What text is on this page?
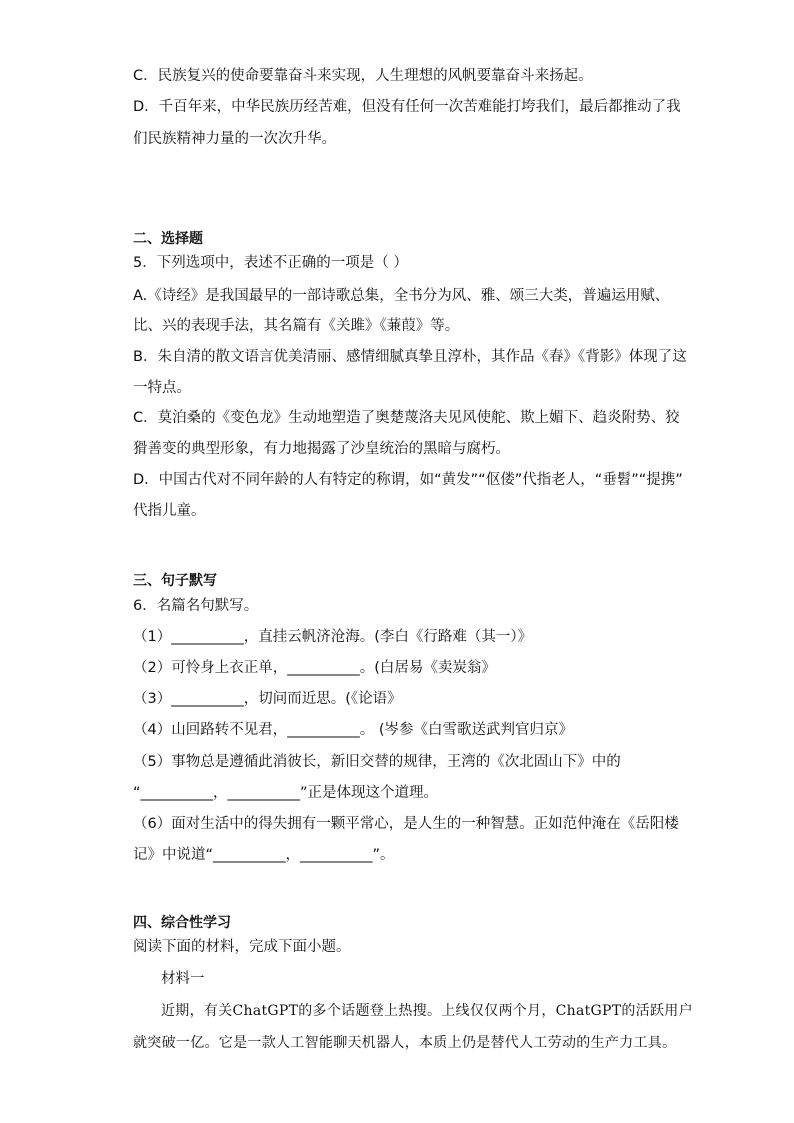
C．民族复兴的使命要靠奋斗来实现，人生理想的风帆要靠奋斗来扬起。
D．千百年来，中华民族历经苦难，但没有任何一次苦难能打垮我们，最后都推动了我
们民族精神力量的一次次升华。
二、选择题
5．下列选项中，表述不正确的一项是（ ）
A.《诗经》是我国最早的一部诗歌总集，全书分为风、雅、颂三大类，普遍运用赋、
比、兴的表现手法，其名篇有《关雎》《蒹葭》等。
B．朱自清的散文语言优美清丽、感情细腻真挚且淳朴，其作品《春》《背影》体现了这
一特点。
C．莫泊桑的《变色龙》生动地塑造了奥楚蔑洛夫见风使舵、欺上媚下、趋炎附势、狡
猾善变的典型形象，有力地揭露了沙皇统治的黑暗与腐朽。
D．中国古代对不同年龄的人有特定的称谓，如“黄发”“伛偻”代指老人，“垂髫”“提携”
代指儿童。
三、句子默写
6．名篇名句默写。
（1）__________，直挂云帆济沧海。(李白《行路难（其一）》
（2）可怜身上衣正单，__________。(白居易《卖炭翁》
（3）__________，切问而近思。(《论语》
（4）山回路转不见君，__________。 (岑参《白雪歌送武判官归京》
（5）事物总是遵循此消彼长，新旧交替的规律，王湾的《次北固山下》中的
“__________，__________”正是体现这个道理。
（6）面对生活中的得失拥有一颗平常心，是人生的一种智慧。正如范仲淹在《岳阳楼
记》中说道“__________，__________”。
四、综合性学习
阅读下面的材料，完成下面小题。
材料一
近期，有关ChatGPT的多个话题登上热搜。上线仅仅两个月，ChatGPT的活跃用户
就突破一亿。它是一款人工智能聊天机器人，本质上仍是替代人工劳动的生产力工具。
